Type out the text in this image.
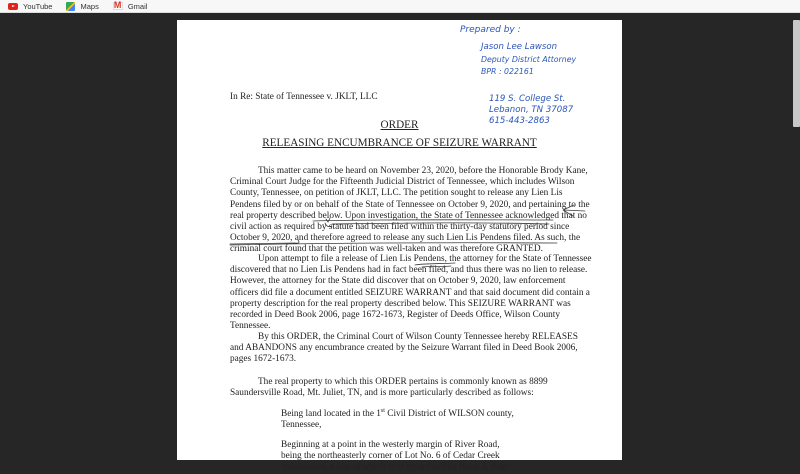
YouTube	Maps M	Gmail
Prepared by :
Jason Lee Lawson
Deputy District Attorney
BPR : 022161
119 S. College St.
Lebanon, TN 37087
615-443-2863
In Re: State of Tennessee v. JKLT, LLC
ORDER
RELEASING ENCUMBRANCE OF SEIZURE WARRANT
This matter came to be heard on November 23, 2020, before the Honorable Brody Kane,
Criminal Court Judge for the Fifteenth Judicial District of Tennessee, which includes Wilson
County, Tennessee, on petition of JKLT, LLC. The petition sought to release any Lien Lis
Pendens filed by or on behalf of the State of Tennessee on October 9, 2020, and pertaining to the
real property described below. Upon investigation, the State of Tennessee acknowledged that no
civil action as required by statute had been filed within the thirty-day statutory period since
October 9, 2020, and therefore agreed to release any such Lien Lis Pendens filed. As such, the
criminal court found that the petition was well-taken and was therefore GRANTED.
Upon attempt to file a release of Lien Lis Pendens, the attorney for the State of Tennessee
discovered that no Lien Lis Pendens had in fact been filed, and thus there was no lien to release.
However, the attorney for the State did discover that on October 9, 2020, law enforcement
officers did file a document entitled SEIZURE WARRANT and that said document did contain a
property description for the real property described below. This SEIZURE WARRANT was
recorded in Deed Book 2006, page 1672-1673, Register of Deeds Office, Wilson County
Tennessee.
By this ORDER, the Criminal Court of Wilson County Tennessee hereby RELEASES
and ABANDONS any encumbrance created by the Seizure Warrant filed in Deed Book 2006,
pages 1672-1673.
The real property to which this ORDER pertains is commonly known as 8899
Saundersville Road, Mt. Juliet, TN, and is more particularly described as follows:
Being land located in the 1st Civil District of WILSON county,
Tennessee,
Beginning at a point in the westerly margin of River Road,
being the northeasterly corner of Lot No. 6 of Cedar Creek
Subdivision, a plat of which is of record in Plat Book 3, Page
